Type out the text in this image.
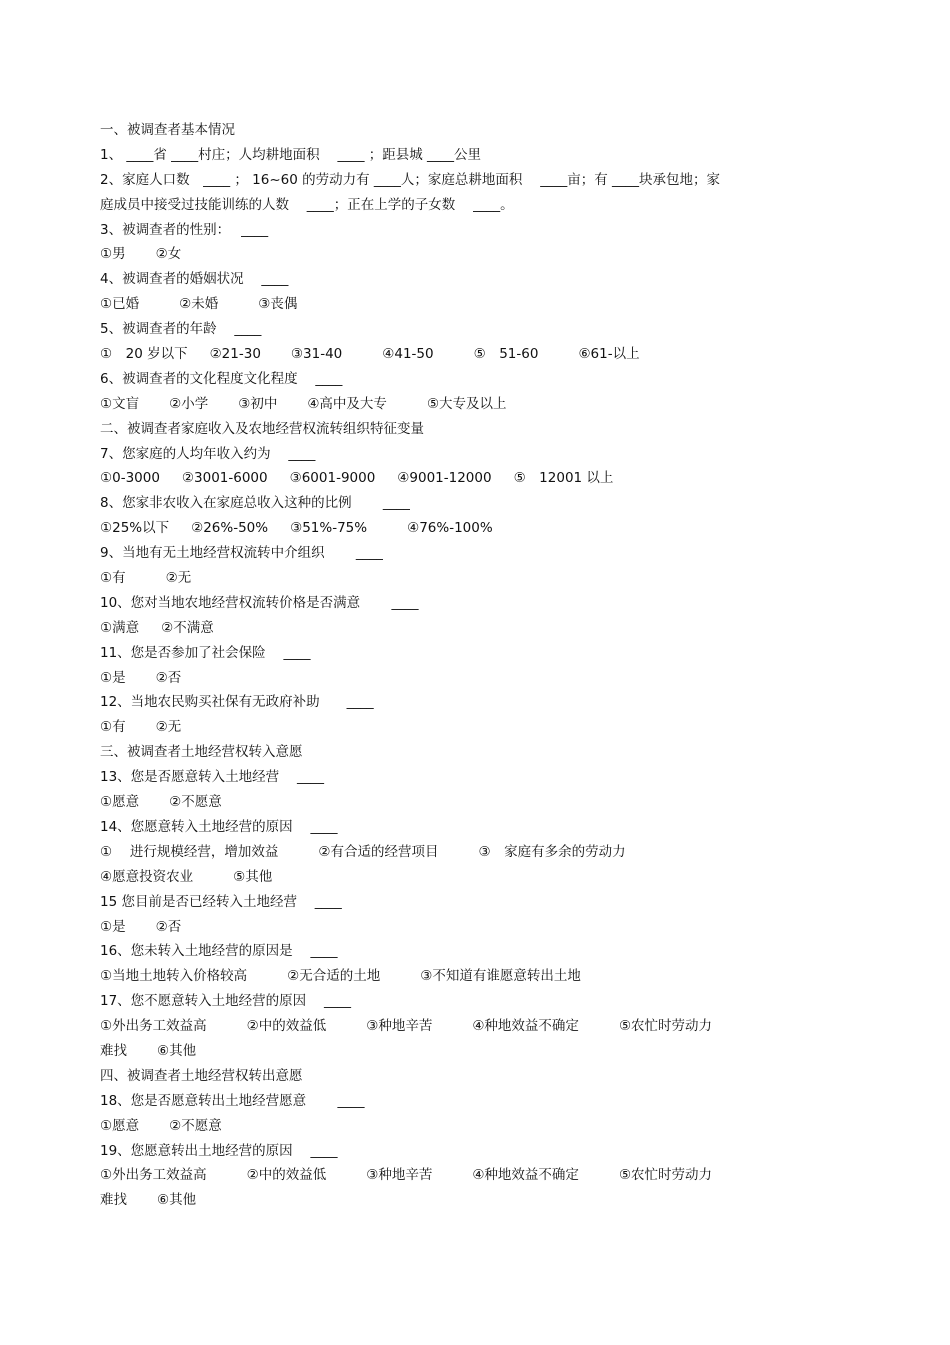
一、被调查者基本情况
1、 ____省 ____村庄；人均耕地面积　 ____ ；距县城 ____公里
2、家庭人口数　____ ； 16~60 的劳动力有 ____人；家庭总耕地面积　 ____亩；有 ____块承包地；家
庭成员中接受过技能训练的人数　 ____；正在上学的子女数　 ____。
3、被调查者的性别：　 ____
①男 ②女
4、被调查者的婚姻状况　 ____
①已婚	②未婚	③丧偶
5、被调查者的年龄　 ____
①　20 岁以下 ②21-30 ③31-40	④41-50	⑤　51-60	⑥61-以上
6、被调查者的文化程度文化程度　 ____
①文盲 ②小学 ③初中 ④高中及大专	⑤大专及以上
二、被调查者家庭收入及农地经营权流转组织特征变量
7、您家庭的人均年收入约为　 ____
①0-3000 ②3001-6000 ③6001-9000 ④9001-12000 ⑤　12001 以上
8、您家非农收入在家庭总收入这种的比例　　 ____
①25%以下 ②26%-50% ③51%-75%	④76%-100%
9、当地有无土地经营权流转中介组织　　 ____
①有	②无
10、您对当地农地经营权流转价格是否满意　　 ____
①满意 ②不满意
11、您是否参加了社会保险　 ____
①是 ②否
12、当地农民购买社保有无政府补助　　____
①有 ②无
三、被调查者土地经营权转入意愿
13、您是否愿意转入土地经营　 ____
①愿意 ②不愿意
14、您愿意转入土地经营的原因　 ____
①　 进行规模经营，增加效益	②有合适的经营项目	③　家庭有多余的劳动力
④愿意投资农业	⑤其他
15 您目前是否已经转入土地经营　 ____
①是 ②否
16、您未转入土地经营的原因是　 ____
①当地土地转入价格较高	②无合适的土地	③不知道有谁愿意转出土地
17、您不愿意转入土地经营的原因　 ____
①外出务工效益高	②中的效益低	③种地辛苦	④种地效益不确定	⑤农忙时劳动力
难找 ⑥其他
四、被调查者土地经营权转出意愿
18、您是否愿意转出土地经营愿意　　 ____
①愿意 ②不愿意
19、您愿意转出土地经营的原因　 ____
①外出务工效益高	②中的效益低	③种地辛苦	④种地效益不确定	⑤农忙时劳动力
难找 ⑥其他
